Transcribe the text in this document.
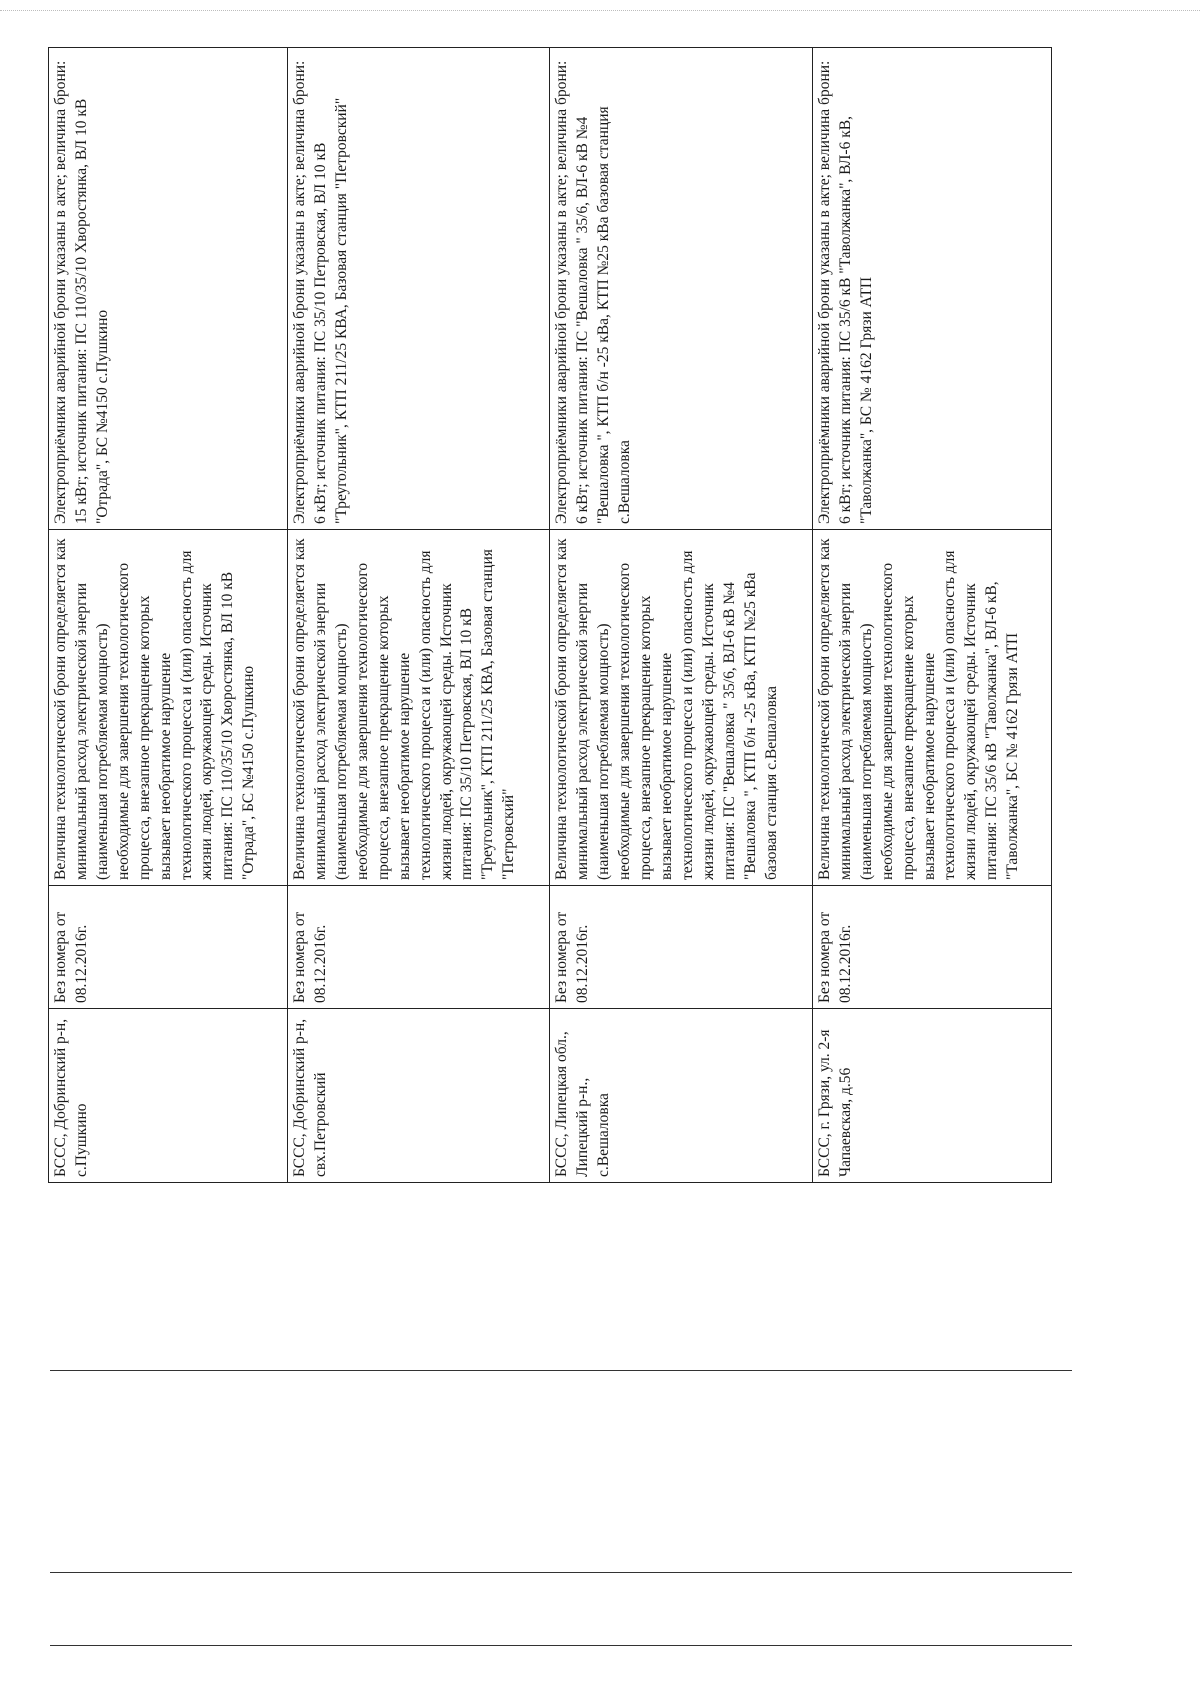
БССС, Добринский р-н, с.Пушкино	Без номера от 08.12.2016г.	Величина технологической брони определяется как минимальный расход электрической энергии (наименьшая потребляемая мощность) необходимые для завершения технологического процесса, внезапное прекращение которых вызывает необратимое нарушение технологического процесса и (или) опасность для жизни людей, окружающей среды. Источник питания: ПС 110/35/10 Хворостянка, ВЛ 10 кВ "Отрада", БС №4150 с.Пушкино	Электроприёмники аварийной брони указаны в акте; величина брони: 15 кВт; источник питания: ПС 110/35/10 Хворостянка, ВЛ 10 кВ "Отрада", БС №4150 с.Пушкино
БССС, Добринский р-н, свх.Петровский	Без номера от 08.12.2016г.	Величина технологической брони определяется как минимальный расход электрической энергии (наименьшая потребляемая мощность) необходимые для завершения технологического процесса, внезапное прекращение которых вызывает необратимое нарушение технологического процесса и (или) опасность для жизни людей, окружающей среды. Источник питания: ПС 35/10 Петровская, ВЛ 10 кВ "Треугольник", КТП 211/25 КВА, Базовая станция "Петровский"	Электроприёмники аварийной брони указаны в акте; величина брони: 6 кВт; источник питания: ПС 35/10 Петровская, ВЛ 10 кВ "Треугольник", КТП 211/25 КВА, Базовая станция "Петровский"
БССС, Липецкая обл., Липецкий р-н., с.Вешаловка	Без номера от 08.12.2016г.	Величина технологической брони определяется как минимальный расход электрической энергии (наименьшая потребляемая мощность) необходимые для завершения технологического процесса, внезапное прекращение которых вызывает необратимое нарушение технологического процесса и (или) опасность для жизни людей, окружающей среды. Источник питания: ПС "Вешаловка " 35/6, ВЛ-6 кВ №4 "Вешаловка ", КТП б/н -25 кВа, КТП №25 кВа базовая станция с.Вешаловка	Электроприёмники аварийной брони указаны в акте; величина брони: 6 кВт; источник питания: ПС "Вешаловка " 35/6, ВЛ-6 кВ №4 "Вешаловка ", КТП б/н -25 кВа, КТП №25 кВа базовая станция с.Вешаловка
БССС, г. Грязи, ул. 2-я Чапаевская, д.56	Без номера от 08.12.2016г.	Величина технологической брони определяется как минимальный расход электрической энергии (наименьшая потребляемая мощность) необходимые для завершения технологического процесса, внезапное прекращение которых вызывает необратимое нарушение технологического процесса и (или) опасность для жизни людей, окружающей среды. Источник питания: ПС 35/6 кВ "Таволжанка", ВЛ-6 кВ, "Таволжанка", БС № 4162 Грязи АТП	Электроприёмники аварийной брони указаны в акте; величина брони: 6 кВт; источник питания: ПС 35/6 кВ "Таволжанка", ВЛ-6 кВ, "Таволжанка", БС № 4162 Грязи АТП
